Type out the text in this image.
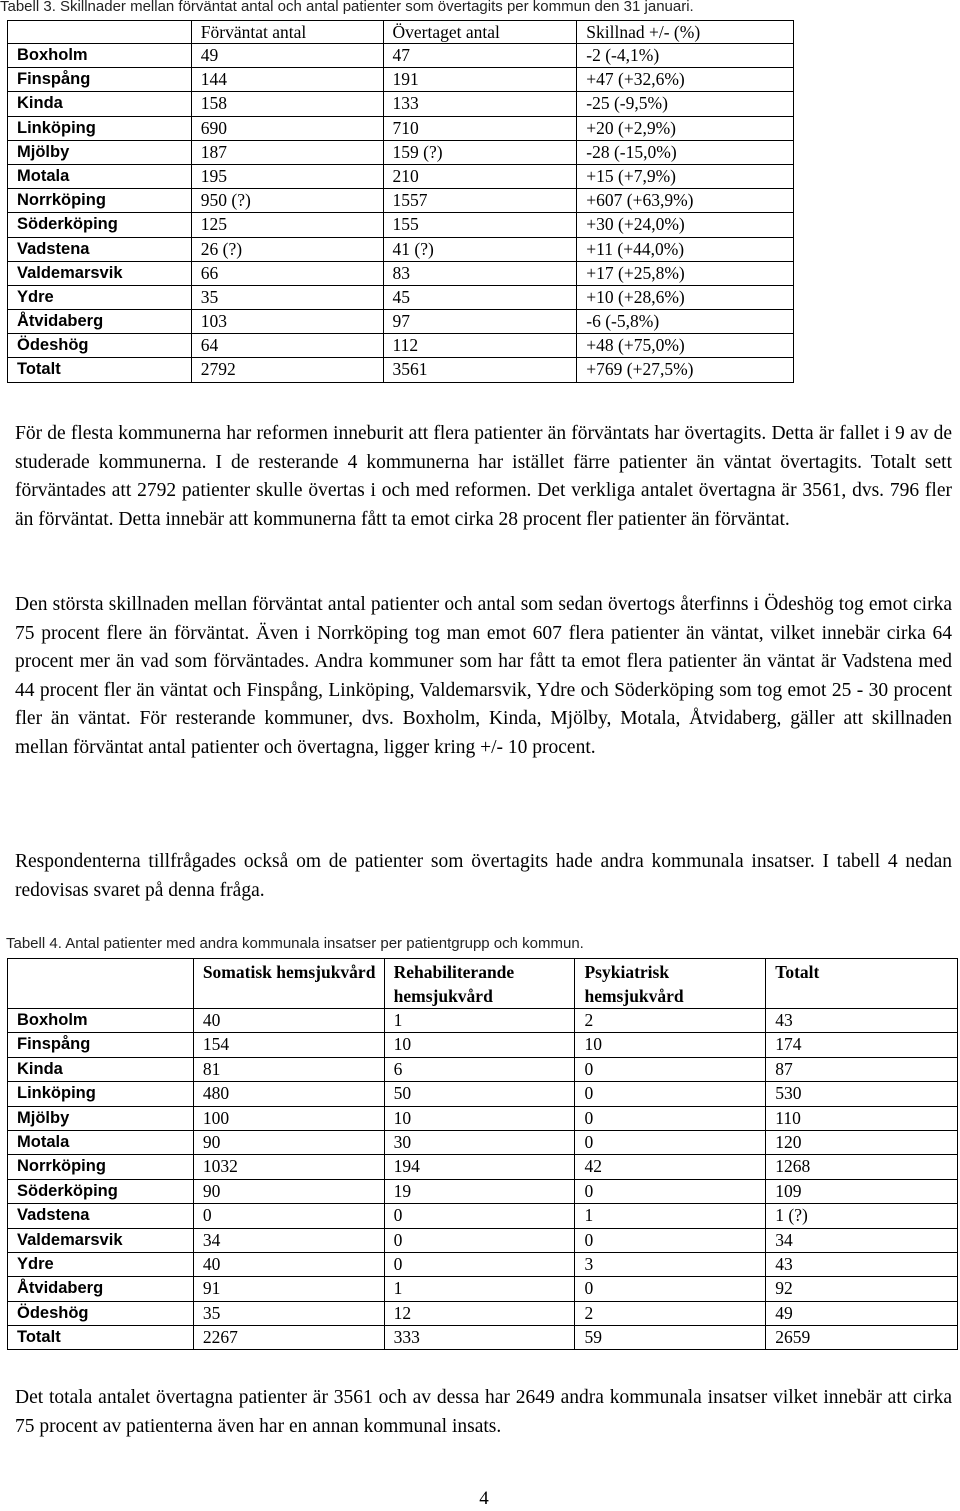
Tabell 3. Skillnader mellan förväntat antal och antal patienter som övertagits per kommun den 31 januari.
	Förväntat antal	Övertaget antal	Skillnad +/- (%)
Boxholm	49	47	-2 (-4,1%)
Finspång	144	191	+47 (+32,6%)
Kinda	158	133	-25 (-9,5%)
Linköping	690	710	+20 (+2,9%)
Mjölby	187	159 (?)	-28 (-15,0%)
Motala	195	210	+15 (+7,9%)
Norrköping	950 (?)	1557	+607 (+63,9%)
Söderköping	125	155	+30 (+24,0%)
Vadstena	26 (?)	41 (?)	+11 (+44,0%)
Valdemarsvik	66	83	+17 (+25,8%)
Ydre	35	45	+10 (+28,6%)
Åtvidaberg	103	97	-6 (-5,8%)
Ödeshög	64	112	+48 (+75,0%)
Totalt	2792	3561	+769 (+27,5%)

För de flesta kommunerna har reformen inneburit att flera patienter än förväntats har övertagits. Detta är fallet i 9 av de studerade kommunerna. I de resterande 4 kommunerna har istället färre patienter än väntat övertagits. Totalt sett förväntades att 2792 patienter skulle övertas i och med reformen. Det verkliga antalet övertagna är 3561, dvs. 796 fler än förväntat. Detta innebär att kommunerna fått ta emot cirka 28 procent fler patienter än förväntat.

Den största skillnaden mellan förväntat antal patienter och antal som sedan övertogs återfinns i Ödeshög tog emot cirka 75 procent flere än förväntat. Även i Norrköping tog man emot 607 flera patienter än väntat, vilket innebär cirka 64 procent mer än vad som förväntades. Andra kommuner som har fått ta emot flera patienter än väntat är Vadstena med 44 procent fler än väntat och Finspång, Linköping, Valdemarsvik, Ydre och Söderköping som tog emot 25 - 30 procent fler än väntat. För resterande kommuner, dvs. Boxholm, Kinda, Mjölby, Motala, Åtvidaberg, gäller att skillnaden mellan förväntat antal patienter och övertagna, ligger kring +/- 10 procent.

Respondenterna tillfrågades också om de patienter som övertagits hade andra kommunala insatser. I tabell 4 nedan redovisas svaret på denna fråga.

Tabell 4. Antal patienter med andra kommunala insatser per patientgrupp och kommun.
	Somatisk hemsjukvård	Rehabiliterande hemsjukvård	Psykiatrisk hemsjukvård	Totalt
Boxholm	40	1	2	43
Finspång	154	10	10	174
Kinda	81	6	0	87
Linköping	480	50	0	530
Mjölby	100	10	0	110
Motala	90	30	0	120
Norrköping	1032	194	42	1268
Söderköping	90	19	0	109
Vadstena	0	0	1	1 (?)
Valdemarsvik	34	0	0	34
Ydre	40	0	3	43
Åtvidaberg	91	1	0	92
Ödeshög	35	12	2	49
Totalt	2267	333	59	2659

Det totala antalet övertagna patienter är 3561 och av dessa har 2649 andra kommunala insatser vilket innebär att cirka 75 procent av patienterna även har en annan kommunal insats.

4
